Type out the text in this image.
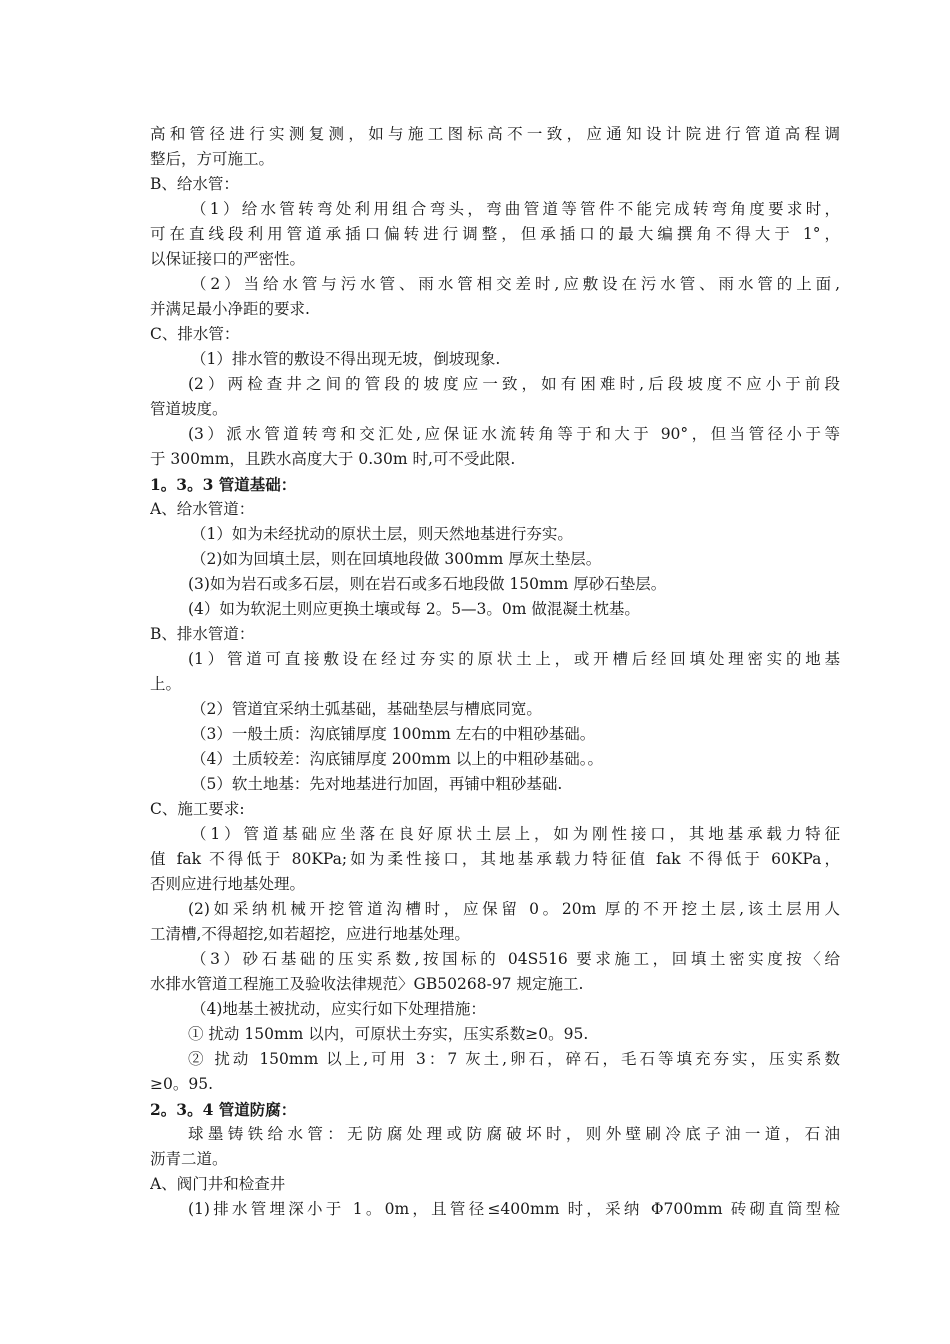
高和管径进行实测复测，如与施工图标高不一致，应通知设计院进行管道高程调
整后，方可施工。
B、给水管：
（1）给水管转弯处利用组合弯头，弯曲管道等管件不能完成转弯角度要求时，
可在直线段利用管道承插口偏转进行调整，但承插口的最大编撰角不得大于 1°，
以保证接口的严密性。
（2）当给水管与污水管、雨水管相交差时,应敷设在污水管、雨水管的上面,
并满足最小净距的要求.
C、排水管：
（1）排水管的敷设不得出现无坡，倒坡现象.
(2）两检查井之间的管段的坡度应一致，如有困难时,后段坡度不应小于前段
管道坡度。
(3）派水管道转弯和交汇处,应保证水流转角等于和大于 90°，但当管径小于等
于 300mm，且跌水高度大于 0.30m 时,可不受此限.
1。3。3 管道基础：
A、给水管道：
（1）如为未经扰动的原状土层，则天然地基进行夯实。
（2)如为回填土层，则在回填地段做 300mm 厚灰土垫层。
(3)如为岩石或多石层，则在岩石或多石地段做 150mm 厚砂石垫层。
(4）如为软泥土则应更换土壤或每 2。5—3。0m 做混凝土枕基。
B、排水管道：
(1）管道可直接敷设在经过夯实的原状土上，或开槽后经回填处理密实的地基
上。
（2）管道宜采纳土弧基础，基础垫层与槽底同宽。
（3）一般土质：沟底铺厚度 100mm 左右的中粗砂基础。
（4）土质较差：沟底铺厚度 200mm 以上的中粗砂基础。。
（5）软土地基：先对地基进行加固，再铺中粗砂基础.
C、施工要求:
（1）管道基础应坐落在良好原状土层上，如为刚性接口，其地基承载力特征
值 fak 不得低于 80KPa;如为柔性接口，其地基承载力特征值 fak 不得低于 60KPa，
否则应进行地基处理。
(2)如采纳机械开挖管道沟槽时，应保留 0。20m 厚的不开挖土层,该土层用人
工清槽,不得超挖,如若超挖，应进行地基处理。
（3）砂石基础的压实系数,按国标的 04S516 要求施工，回填土密实度按〈给
水排水管道工程施工及验收法律规范〉GB50268-97 规定施工.
（4)地基土被扰动，应实行如下处理措施：
① 扰动 150mm 以内，可原状土夯实，压实系数≥0。95.
② 扰动 150mm 以上,可用 3：7 灰土,卵石，碎石，毛石等填充夯实，压实系数
≥0。95.
2。3。4 管道防腐：
球墨铸铁给水管：无防腐处理或防腐破坏时，则外壁刷冷底子油一道，石油
沥青二道。
A、阀门井和检查井
(1)排水管埋深小于 1。0m，且管径≤400mm 时，采纳 Φ700mm 砖砌直筒型检
